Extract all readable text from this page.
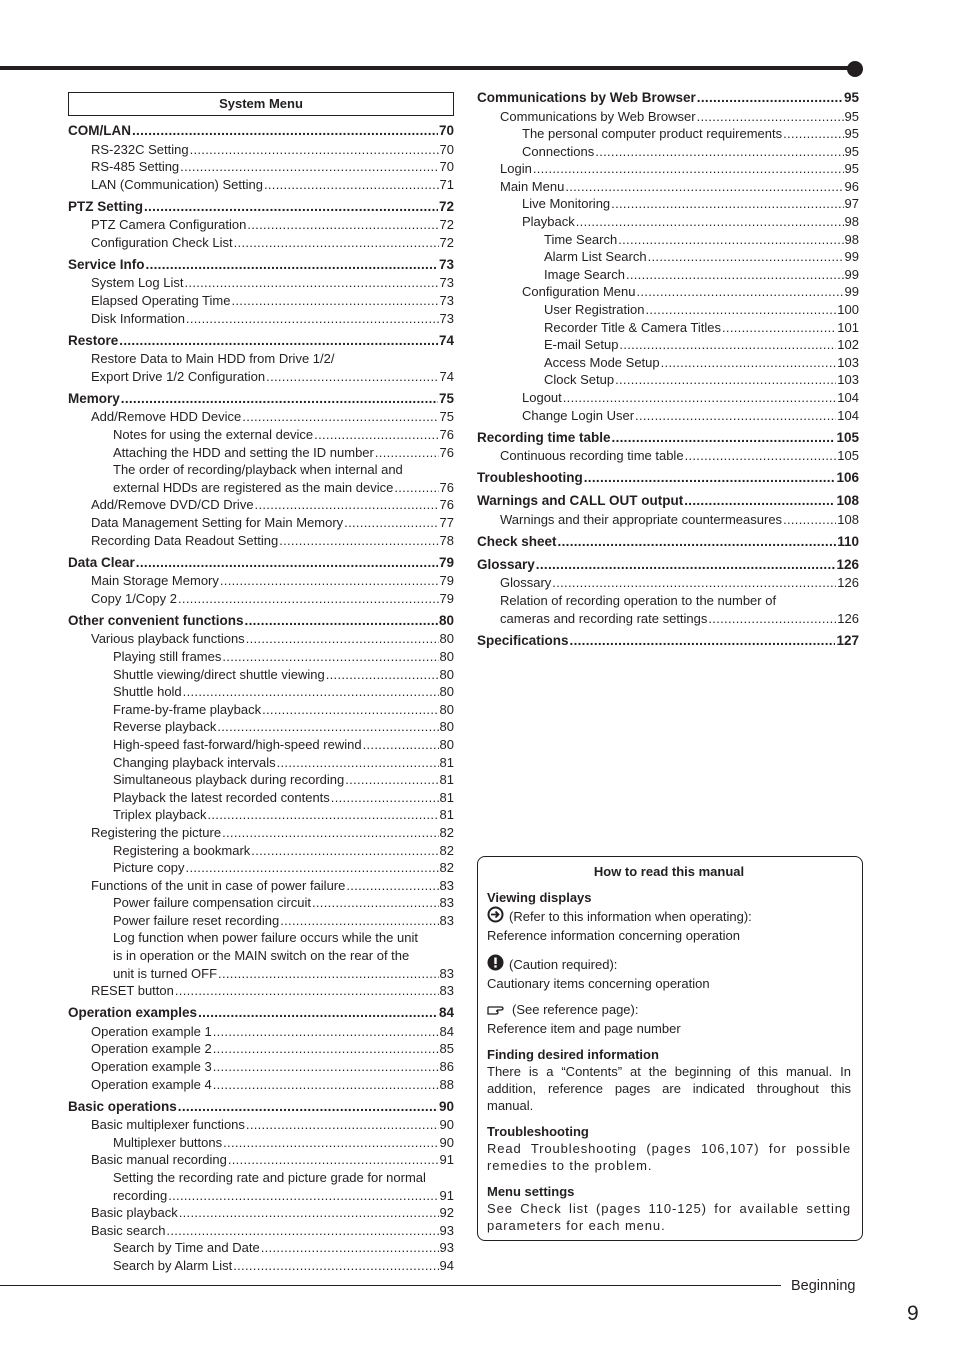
System Menu
COM/LAN .....	70
RS-232C Setting .....	70
RS-485 Setting .....	70
LAN (Communication) Setting .....	71
PTZ Setting .....	72
PTZ Camera Configuration .....	72
Configuration Check List .....	72
Service Info .....	73
System Log List .....	73
Elapsed Operating Time .....	73
Disk Information .....	73
Restore .....	74
Restore Data to Main HDD from Drive 1/2/
Export Drive 1/2 Configuration .....	74
Memory .....	75
Add/Remove HDD Device .....	75
Notes for using the external device .....	76
Attaching the HDD and setting the ID number .....	76
The order of recording/playback when internal and
external HDDs are registered as the main device .....	76
Add/Remove DVD/CD Drive .....	76
Data Management Setting for Main Memory .....	77
Recording Data Readout Setting .....	78
Data Clear .....	79
Main Storage Memory .....	79
Copy 1/Copy 2 .....	79
Other convenient functions .....	80
Various playback functions .....	80
Playing still frames .....	80
Shuttle viewing/direct shuttle viewing .....	80
Shuttle hold .....	80
Frame-by-frame playback .....	80
Reverse playback .....	80
High-speed fast-forward/high-speed rewind .....	80
Changing playback intervals .....	81
Simultaneous playback during recording .....	81
Playback the latest recorded contents .....	81
Triplex playback .....	81
Registering the picture .....	82
Registering a bookmark .....	82
Picture copy .....	82
Functions of the unit in case of power failure .....	83
Power failure compensation circuit .....	83
Power failure reset recording .....	83
Log function when power failure occurs while the unit
is in operation or the MAIN switch on the rear of the
unit is turned OFF .....	83
RESET button .....	83
Operation examples .....	84
Operation example 1 .....	84
Operation example 2 .....	85
Operation example 3 .....	86
Operation example 4 .....	88
Basic operations .....	90
Basic multiplexer functions .....	90
Multiplexer buttons .....	90
Basic manual recording .....	91
Setting the recording rate and picture grade for normal
recording .....	91
Basic playback .....	92
Basic search .....	93
Search by Time and Date .....	93
Search by Alarm List .....	94
Communications by Web Browser .....	95
Communications by Web Browser .....	95
The personal computer product requirements .....	95
Connections .....	95
Login .....	95
Main Menu .....	96
Live Monitoring .....	97
Playback .....	98
Time Search .....	98
Alarm List Search .....	99
Image Search .....	99
Configuration Menu .....	99
User Registration .....	100
Recorder Title & Camera Titles .....	101
E-mail Setup .....	102
Access Mode Setup .....	103
Clock Setup .....	103
Logout .....	104
Change Login User .....	104
Recording time table .....	105
Continuous recording time table .....	105
Troubleshooting .....	106
Warnings and CALL OUT output .....	108
Warnings and their appropriate countermeasures .....	108
Check sheet .....	110
Glossary .....	126
Glossary .....	126
Relation of recording operation to the number of
cameras and recording rate settings .....	126
Specifications .....	127
How to read this manual
Viewing displays
(Refer to this information when operating):
Reference information concerning operation
(Caution required):
Cautionary items concerning operation
(See reference page):
Reference item and page number
Finding desired information
There is a “Contents” at the beginning of this manual. In addition, reference pages are indicated throughout this manual.
Troubleshooting
Read Troubleshooting (pages 106,107) for possible remedies to the problem.
Menu settings
See Check list (pages 110-125) for available setting parameters for each menu.
Beginning
9
